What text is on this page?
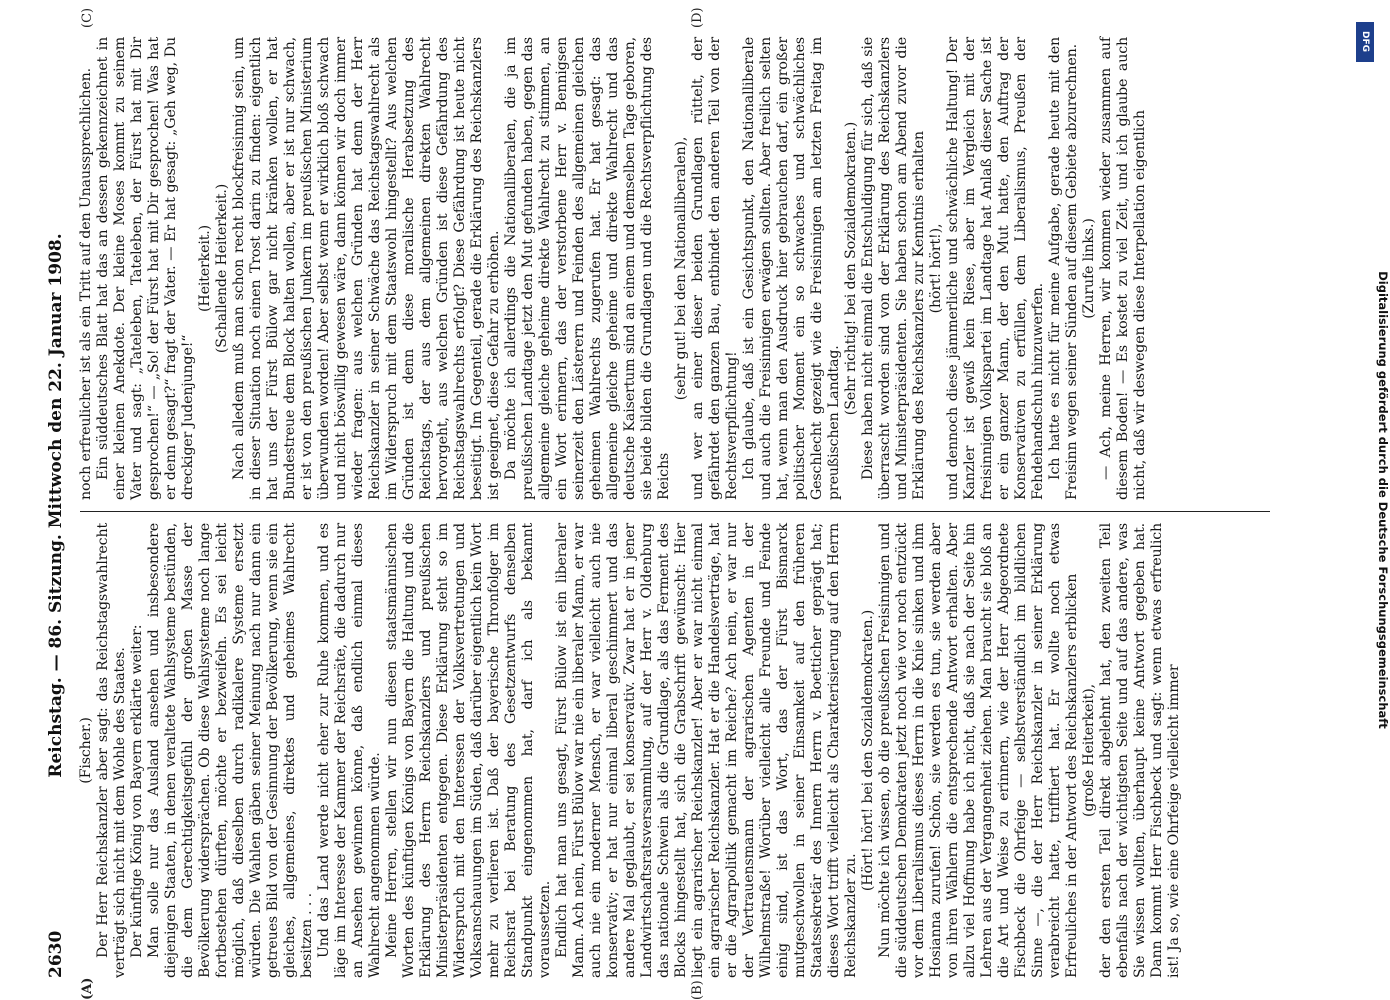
2630
Reichstag. — 86. Sitzung. Mittwoch den 22. Januar 1908.
(A)	(B)
(C)	(D)

(Fischer.) Der Herr Reichskanzler aber sagt: das Reichstagswahlrecht verträgt sich nicht mit dem Wohle des Staates. Der künftige König von Bayern erklärte weiter: Man solle nur das Ausland ansehen und insbesondere diejenigen Staaten, in denen veraltete Wahlsysteme bestünden, die dem Gerechtigkeitsgefühl der großen Masse der Bevölkerung widersprächen. Ob diese Wahlsysteme noch lange fortbestehen dürften, möchte er bezweifeln. Es sei leicht möglich, daß dieselben durch radikalere Systeme ersetzt würden. Die Wahlen gäben seiner Meinung nach nur dann ein getreues Bild von der Gesinnung der Bevölkerung, wenn sie ein gleiches, allgemeines, direktes und geheimes Wahlrecht besitzen . . . Und das Land werde nicht eher zur Ruhe kommen, und es läge im Interesse der Kammer der Reichsräte, die dadurch nur an Ansehen gewinnen könne, daß endlich einmal dieses Wahlrecht angenommen würde. Meine Herren, stellen wir nun diesen staatsmännischen Worten des künftigen Königs von Bayern die Haltung und die Erklärung des Herrn Reichskanzlers und preußischen Ministerpräsidenten entgegen. Diese Erklärung steht so im Widerspruch mit den Interessen der Volksvertretungen und Volksanschauungen im Süden, daß darüber eigentlich kein Wort mehr zu verlieren ist. Daß der bayerische Thronfolger im Reichsrat bei Beratung des Gesetzentwurfs denselben Standpunkt eingenommen hat, darf ich als bekannt voraussetzen. Endlich hat man uns gesagt, Fürst Bülow ist ein liberaler Mann. Ach nein, Fürst Bülow war nie ein liberaler Mann, er war auch nie ein moderner Mensch, er war vielleicht auch nie konservativ; er hat nur einmal liberal geschimmert und das andere Mal geglaubt, er sei konservativ. Zwar hat er in jener Landwirtschaftsratsversammlung, auf der Herr v. Oldenburg das nationale Schwein als die Grundlage, als das Ferment des Blocks hingestellt hat, sich die Grabschrift gewünscht: Hier liegt ein agrarischer Reichskanzler! Aber er war nicht einmal ein agrarischer Reichskanzler. Hat er die Handelsverträge, hat er die Agrarpolitik gemacht im Reiche? Ach nein, er war nur der Vertrauensmann der agrarischen Agenten in der Wilhelmstraße! Worüber vielleicht alle Freunde und Feinde einig sind, ist das Wort, das der Fürst Bismarck mutgeschwollen in seiner Einsamkeit auf den früheren Staatssekretär des Innern Herrn v. Boetticher geprägt hat; dieses Wort trifft vielleicht als Charakterisierung auf den Herrn Reichskanzler zu.

(Hört! hört! bei den Sozialdemokraten.) Nun möchte ich wissen, ob die preußischen Freisinnigen und die süddeutschen Demokraten jetzt noch wie vor noch entzückt vor dem Liberalismus dieses Herrn in die Knie sinken und ihm Hosianna zurufen! Schön, sie werden es tun, sie werden aber von ihren Wählern die entsprechende Antwort erhalten. Aber allzu viel Hoffnung habe ich nicht, daß sie nach der Seite hin Lehren aus der Vergangenheit ziehen. Man braucht sie bloß an die Art und Weise zu erinnern, wie der Herr Abgeordnete Fischbeck die Ohrfeige — selbstverständlich im bildlichen Sinne —, die der Herr Reichskanzler in seiner Erklärung verabreicht hatte, trifftiert hat. Er wollte noch etwas Erfreuliches in der Antwort des Reichskanzlers erblicken (große Heiterkeit), der den ersten Teil direkt abgelehnt hat, den zweiten Teil ebenfalls nach der wichtigsten Seite und auf das andere, was Sie wissen wollten, überhaupt keine Antwort gegeben hat. Dann kommt Herr Fischbeck und sagt: wenn etwas erfreulich ist! Ja so, wie eine Ohrfeige vielleicht immer

noch erfreulicher ist als ein Tritt auf den Unaussprechlichen. Ein süddeutsches Blatt hat das an dessen gekennzeichnet in einer kleinen Anekdote. Der kleine Moses kommt zu seinem Vater und sagt: „Tateleben, Tateleben, der Fürst hat mit Dir gesprochen!“ — „So! der Fürst hat mit Dir gesprochen! Was hat er denn gesagt?“ fragt der Vater. — Er hat gesagt: „Geh weg, Du dreckiger Judenjunge!“

(Heiterkeit.) (Schallende Heiterkeit.) Nach alledem muß man schon recht blockfreisinnig sein, um in dieser Situation noch einen Trost darin zu finden: eigentlich hat uns der Fürst Bülow gar nicht kränken wollen, er hat Bundestreue dem Block halten wollen, aber er ist nur schwach, er ist von den preußischen Junkern im preußischen Ministerium überwunden worden! Aber selbst wenn er wirklich bloß schwach und nicht böswillig gewesen wäre, dann können wir doch immer wieder fragen: aus welchen Gründen hat denn der Herr Reichskanzler in seiner Schwäche das Reichstagswahlrecht als im Widerspruch mit dem Staatswohl hingestellt? Aus welchen Gründen ist denn diese moralische Herabsetzung des Reichstags, der aus dem allgemeinen direkten Wahlrecht hervorgeht, aus welchen Gründen ist diese Gefährdung des Reichstagswahlrechts erfolgt? Diese Gefährdung ist heute nicht beseitigt. Im Gegenteil, gerade die Erklärung des Reichskanzlers ist geeignet, diese Gefahr zu erhöhen. Da möchte ich allerdings die Nationalliberalen, die ja im preußischen Landtage jetzt den Mut gefunden haben, gegen das allgemeine gleiche geheime direkte Wahlrecht zu stimmen, an ein Wort erinnern, das der verstorbene Herr v. Bennigsen seinerzeit den Lästerern und Feinden des allgemeinen gleichen geheimen Wahlrechts zugerufen hat. Er hat gesagt: das allgemeine gleiche geheime und direkte Wahlrecht und das deutsche Kaisertum sind an einem und demselben Tage geboren, sie beide bilden die Grundlagen und die Rechtsverpflichtung des Reichs

(sehr gut! bei den Nationalliberalen), und wer an einer dieser beiden Grundlagen rüttelt, der gefährdet den ganzen Bau, entbindet den anderen Teil von der Rechtsverpflichtung! Ich glaube, daß ist ein Gesichtspunkt, den Nationalliberale und auch die Freisinnigen erwägen sollten. Aber freilich selten hat, wenn man den Ausdruck hier gebrauchen darf, ein großer politischer Moment ein so schwaches und schwächliches Geschlecht gezeigt wie die Freisinnigen am letzten Freitag im preußischen Landtag.

(Sehr richtig! bei den Sozialdemokraten.) Diese haben nicht einmal die Entschuldigung für sich, daß sie überrascht worden sind von der Erklärung des Reichskanzlers und Ministerpräsidenten. Sie haben schon am Abend zuvor die Erklärung des Reichskanzlers zur Kenntnis erhalten (hört! hört!), und dennoch diese jämmerliche und schwächliche Haltung! Der Kanzler ist gewiß kein Riese, aber im Vergleich mit der freisinnigen Volkspartei im Landtage hat Anlaß dieser Sache ist er ein ganzer Mann, der den Mut hatte, den Auftrag der Konservativen zu erfüllen, dem Liberalismus, Preußen der Fehdehandschuh hinzuwerfen. Ich hatte es nicht für meine Aufgabe, gerade heute mit den Freisinn wegen seiner Sünden auf diesem Gebiete abzurechnen. (Zurufe links.) — Ach, meine Herren, wir kommen wieder zusammen auf diesem Boden! — Es kostet zu viel Zeit, und ich glaube auch nicht, daß wir deswegen diese Interpellation eigentlich

DFG
Digitalisierung gefördert durch die Deutsche Forschungsgemeinschaft
